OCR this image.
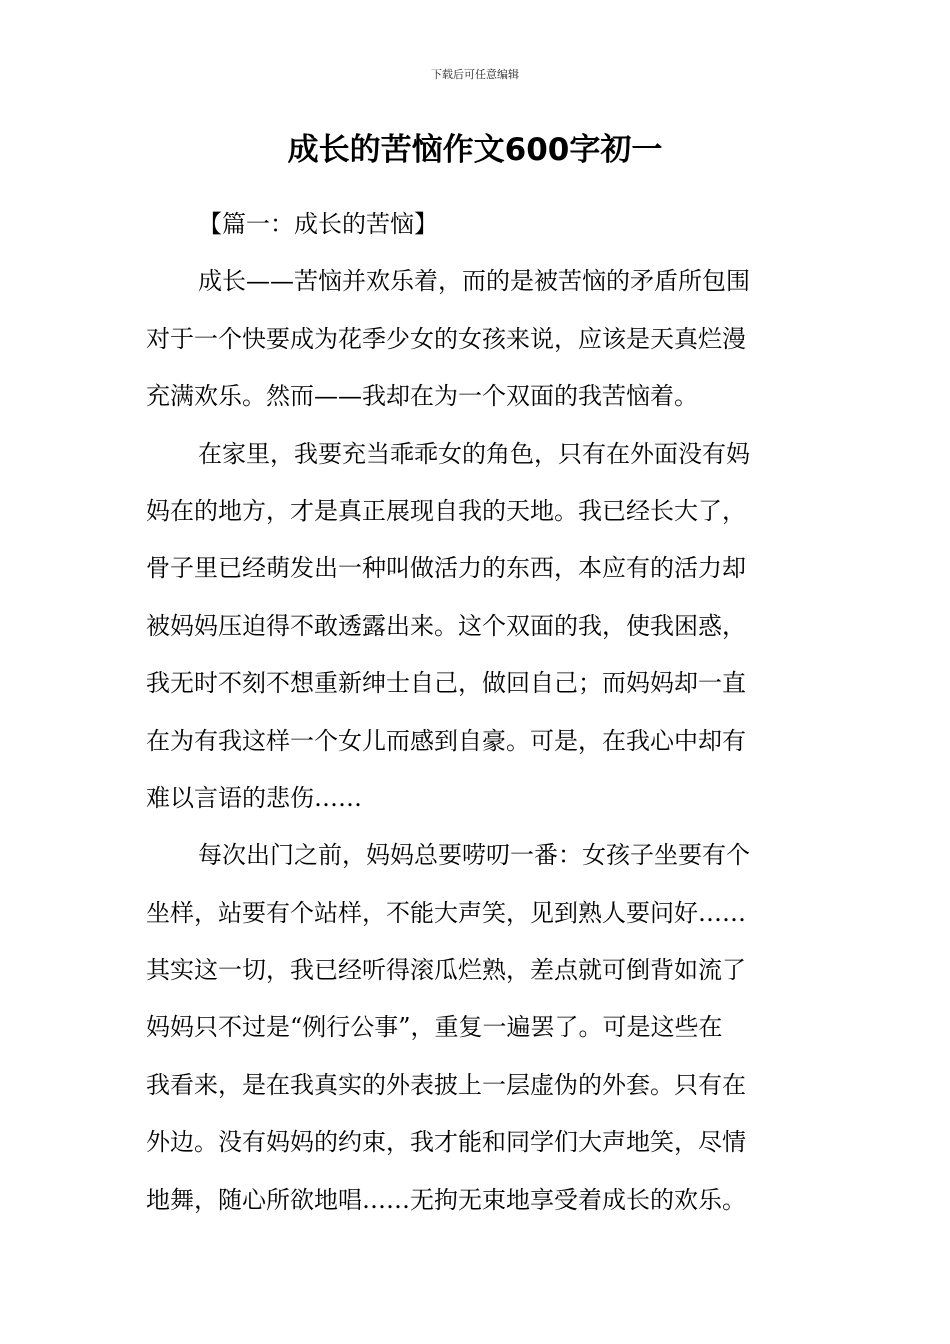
下载后可任意编辑
成长的苦恼作文600字初一
【篇一：成长的苦恼】
成长——苦恼并欢乐着，而的是被苦恼的矛盾所包围
对于一个快要成为花季少女的女孩来说，应该是天真烂漫
充满欢乐。然而——我却在为一个双面的我苦恼着。
在家里，我要充当乖乖女的角色，只有在外面没有妈
妈在的地方，才是真正展现自我的天地。我已经长大了，
骨子里已经萌发出一种叫做活力的东西，本应有的活力却
被妈妈压迫得不敢透露出来。这个双面的我，使我困惑，
我无时不刻不想重新绅士自己，做回自己；而妈妈却一直
在为有我这样一个女儿而感到自豪。可是，在我心中却有
难以言语的悲伤……
每次出门之前，妈妈总要唠叨一番：女孩子坐要有个
坐样，站要有个站样，不能大声笑，见到熟人要问好……
其实这一切，我已经听得滚瓜烂熟，差点就可倒背如流了
妈妈只不过是“例行公事”，重复一遍罢了。可是这些在
我看来，是在我真实的外表披上一层虚伪的外套。只有在
外边。没有妈妈的约束，我才能和同学们大声地笑，尽情
地舞，随心所欲地唱……无拘无束地享受着成长的欢乐。
